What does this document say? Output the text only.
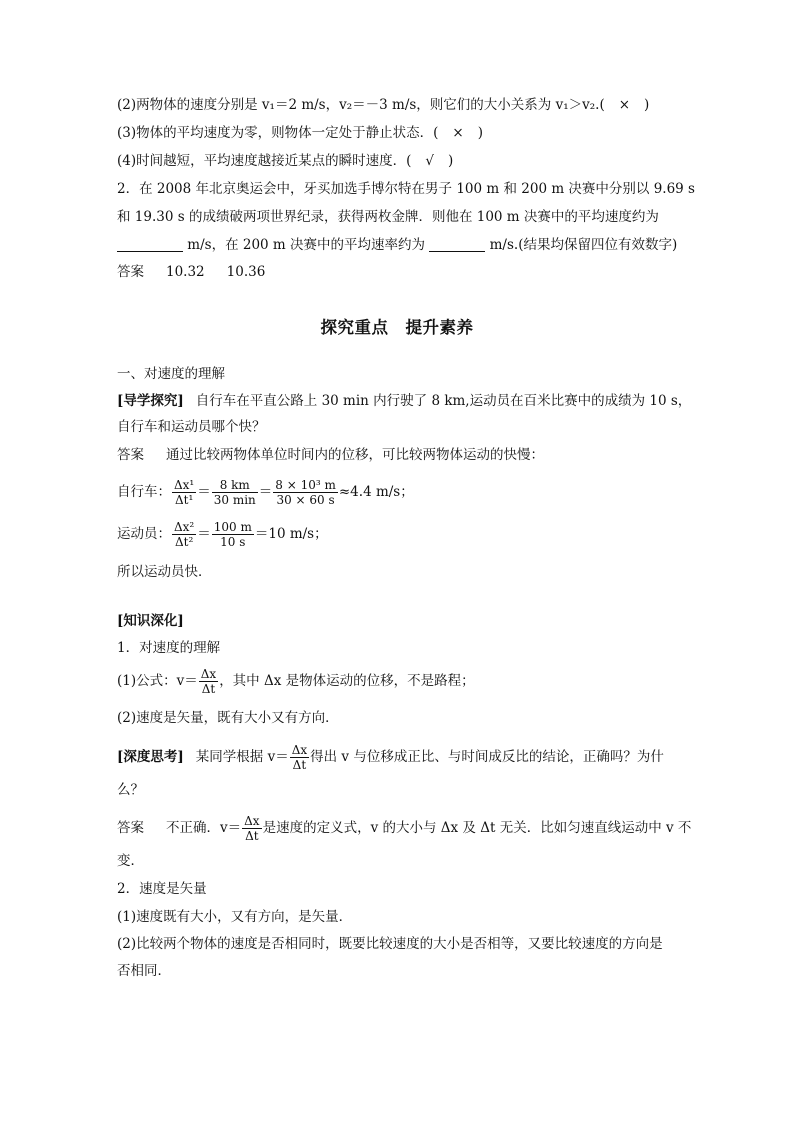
(2)两物体的速度分别是 v₁＝2 m/s，v₂＝－3 m/s，则它们的大小关系为 v₁＞v₂.( × )
(3)物体的平均速度为零，则物体一定处于静止状态．( × )
(4)时间越短，平均速度越接近某点的瞬时速度．( √ )
2．在 2008 年北京奥运会中，牙买加选手博尔特在男子 100 m 和 200 m 决赛中分别以 9.69 s
和 19.30 s 的成绩破两项世界纪录，获得两枚金牌．则他在 100 m 决赛中的平均速度约为
m/s，在 200 m 决赛中的平均速率约为	m/s.(结果均保留四位有效数字)
答案 10.32 10.36
探究重点　提升素养
一、对速度的理解
[导学探究] 自行车在平直公路上 30 min 内行驶了 8 km,运动员在百米比赛中的成绩为 10 s，
自行车和运动员哪个快？
答案 通过比较两物体单位时间内的位移，可比较两物体运动的快慢：
自行车： $\frac{\text{Δx¹}}{\text{Δt¹}} = \frac{8 km}{30 \min} = \frac{\text{8 × 10³ m}}{30 \times 60 s} \approx 4.4$ m/s；
运动员： $\frac{\text{Δx²}}{\text{Δt²}} = \frac{100 m}{10 s} =10$ m/s；
所以运动员快．
[知识深化]
1．对速度的理解
(1)公式：$v= \frac{\Delta x}{\Delta t}$ ，其中 Δx 是物体运动的位移，不是路程；
(2)速度是矢量，既有大小又有方向．
[深度思考] 某同学根据 $v= \frac{\Delta x}{\Delta t}$ 得出 v 与位移成正比、与时间成反比的结论，正确吗？为什
么？
答案 不正确．$v= \frac{\Delta x}{\Delta t}$ 是速度的定义式，v 的大小与 Δx 及 Δt 无关．比如匀速直线运动中 v 不
变．
2．速度是矢量
(1)速度既有大小，又有方向，是矢量．
(2)比较两个物体的速度是否相同时，既要比较速度的大小是否相等，又要比较速度的方向是
否相同．
